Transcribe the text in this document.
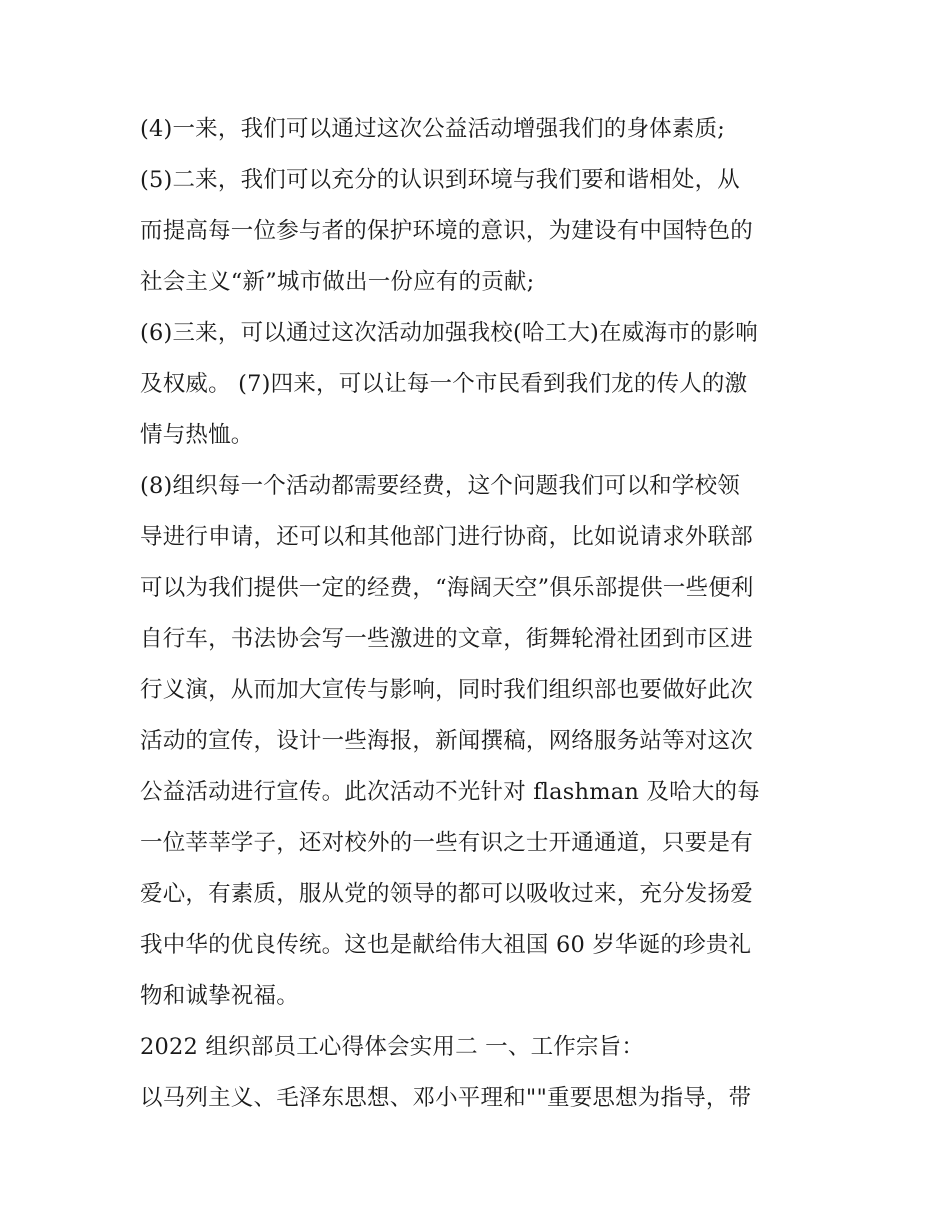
(4)一来，我们可以通过这次公益活动增强我们的身体素质;
(5)二来，我们可以充分的认识到环境与我们要和谐相处，从
而提高每一位参与者的保护环境的意识，为建设有中国特色的
社会主义“新”城市做出一份应有的贡献;
(6)三来，可以通过这次活动加强我校(哈工大)在威海市的影响
及权威。 (7)四来，可以让每一个市民看到我们龙的传人的激
情与热恤。
(8)组织每一个活动都需要经费，这个问题我们可以和学校领
导进行申请，还可以和其他部门进行协商，比如说请求外联部
可以为我们提供一定的经费，“海阔天空”俱乐部提供一些便利
自行车，书法协会写一些激进的文章，街舞轮滑社团到市区进
行义演，从而加大宣传与影响，同时我们组织部也要做好此次
活动的宣传，设计一些海报，新闻撰稿，网络服务站等对这次
公益活动进行宣传。此次活动不光针对 flashman 及哈大的每
一位莘莘学子，还对校外的一些有识之士开通通道，只要是有
爱心，有素质，服从党的领导的都可以吸收过来，充分发扬爱
我中华的优良传统。这也是献给伟大祖国 60 岁华诞的珍贵礼
物和诚挚祝福。
2022 组织部员工心得体会实用二 一、工作宗旨：
以马列主义、毛泽东思想、邓小平理和""重要思想为指导，带
